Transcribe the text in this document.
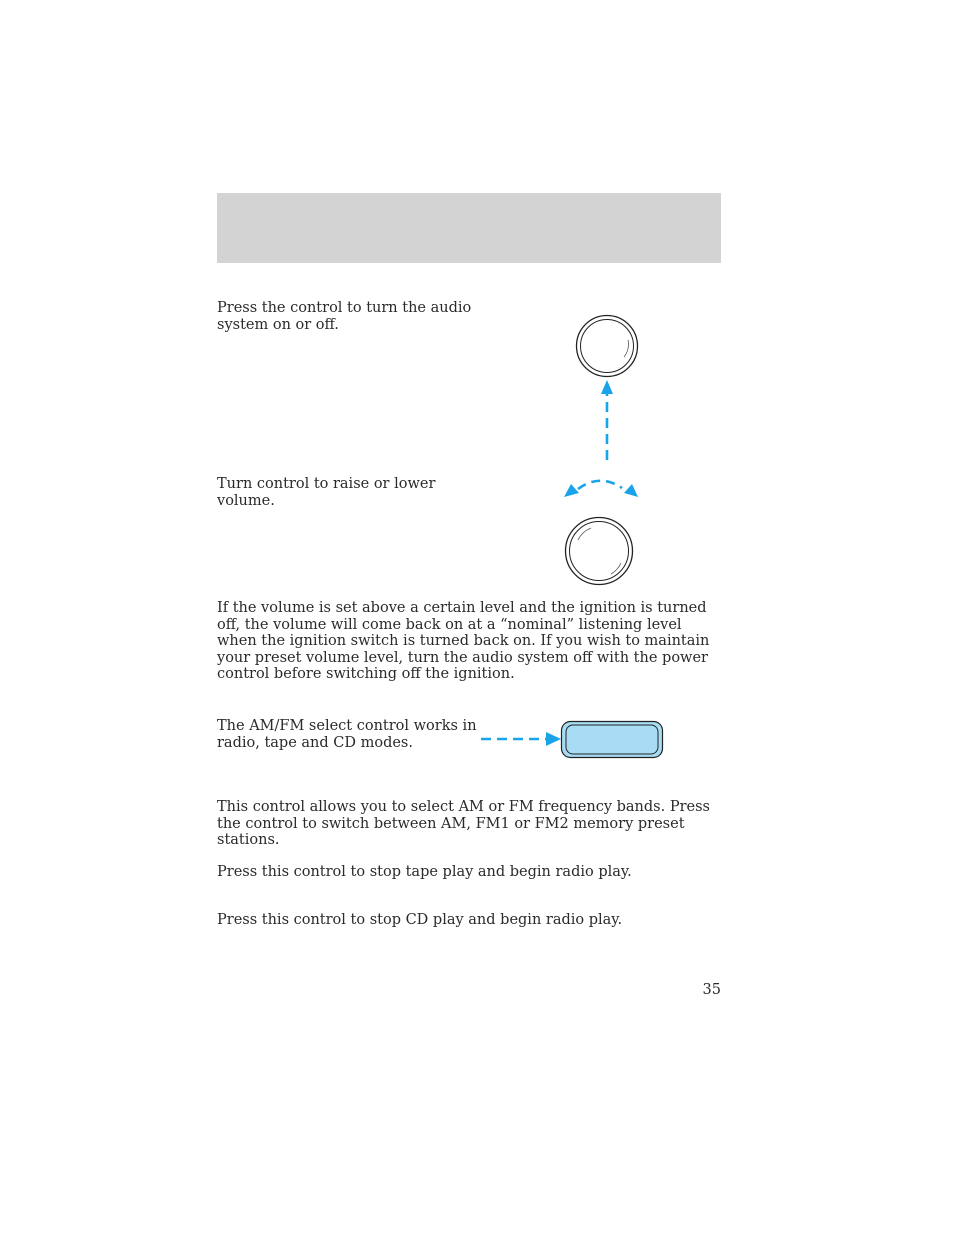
Press the control to turn the audio system on or off.
Turn control to raise or lower volume.
If the volume is set above a certain level and the ignition is turned off, the volume will come back on at a “nominal” listening level when the ignition switch is turned back on. If you wish to maintain your preset volume level, turn the audio system off with the power control before switching off the ignition.
The AM/FM select control works in radio, tape and CD modes.
This control allows you to select AM or FM frequency bands. Press the control to switch between AM, FM1 or FM2 memory preset stations.
Press this control to stop tape play and begin radio play.
Press this control to stop CD play and begin radio play.
35
